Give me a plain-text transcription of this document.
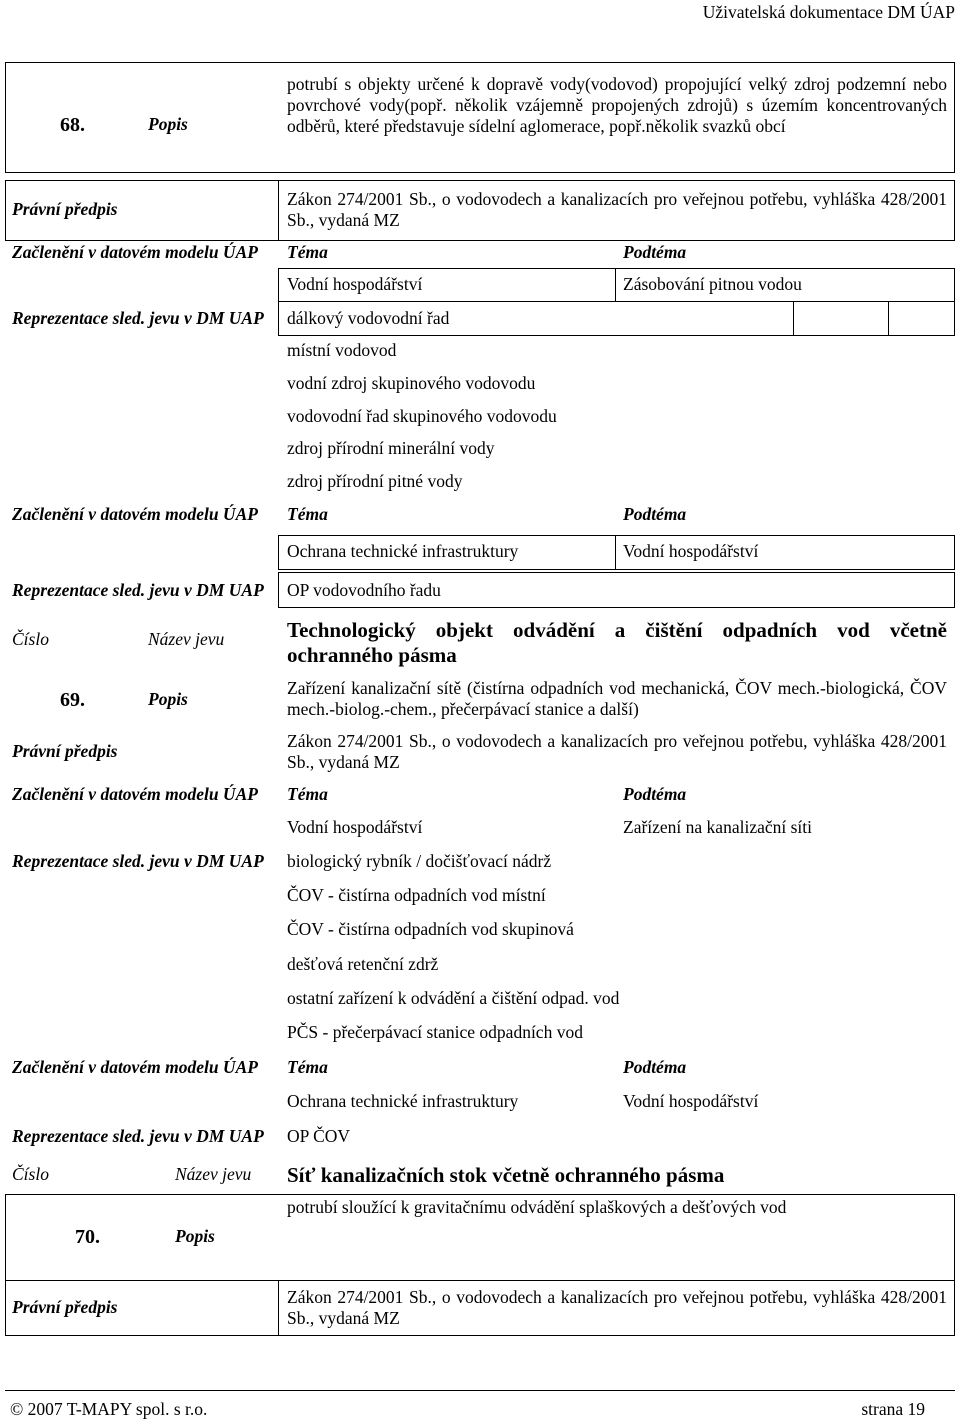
Uživatelská dokumentace DM ÚAP
68.	Popis
potrubí s objekty určené k dopravě vody(vodovod) propojující velký zdroj podzemní nebo povrchové vody(popř. několik vzájemně propojených zdrojů) s územím koncentrovaných odběrů, které představuje sídelní aglomerace, popř.několik svazků obcí
Právní předpis	Zákon 274/2001 Sb., o vodovodech a kanalizacích pro veřejnou potřebu, vyhláška 428/2001 Sb., vydaná MZ
Začlenění v datovém modelu ÚAP Téma	Podtéma
Vodní hospodářství	Zásobování pitnou vodou
Reprezentace sled. jevu v DM UAP dálkový vodovodní řad
místní vodovod
vodní zdroj skupinového vodovodu
vodovodní řad skupinového vodovodu
zdroj přírodní minerální vody
zdroj přírodní pitné vody
Začlenění v datovém modelu ÚAP Téma	Podtéma
Ochrana technické infrastruktury	Vodní hospodářství
Reprezentace sled. jevu v DM UAP OP vodovodního řadu
Číslo	Název jevu	Technologický objekt odvádění a čištění odpadních vod včetně ochranného pásma
69.	Popis
Zařízení kanalizační sítě (čistírna odpadních vod mechanická, ČOV mech.-biologická, ČOV mech.-biolog.-chem., přečerpávací stanice a další)
Právní předpis	Zákon 274/2001 Sb., o vodovodech a kanalizacích pro veřejnou potřebu, vyhláška 428/2001 Sb., vydaná MZ
Začlenění v datovém modelu ÚAP Téma	Podtéma
Vodní hospodářství	Zařízení na kanalizační síti
Reprezentace sled. jevu v DM UAP biologický rybník / dočišťovací nádrž
ČOV - čistírna odpadních vod místní
ČOV - čistírna odpadních vod skupinová
dešťová retenční zdrž
ostatní zařízení k odvádění a čištění odpad. vod
PČS - přečerpávací stanice odpadních vod
Začlenění v datovém modelu ÚAP Téma	Podtéma
Ochrana technické infrastruktury	Vodní hospodářství
Reprezentace sled. jevu v DM UAP OP ČOV
Číslo	Název jevu Síť kanalizačních stok včetně ochranného pásma
70.	Popis
potrubí sloužící k gravitačnímu odvádění splaškových a dešťových vod
Právní předpis	Zákon 274/2001 Sb., o vodovodech a kanalizacích pro veřejnou potřebu, vyhláška 428/2001 Sb., vydaná MZ
© 2007 T-MAPY spol. s r.o.	strana 19
